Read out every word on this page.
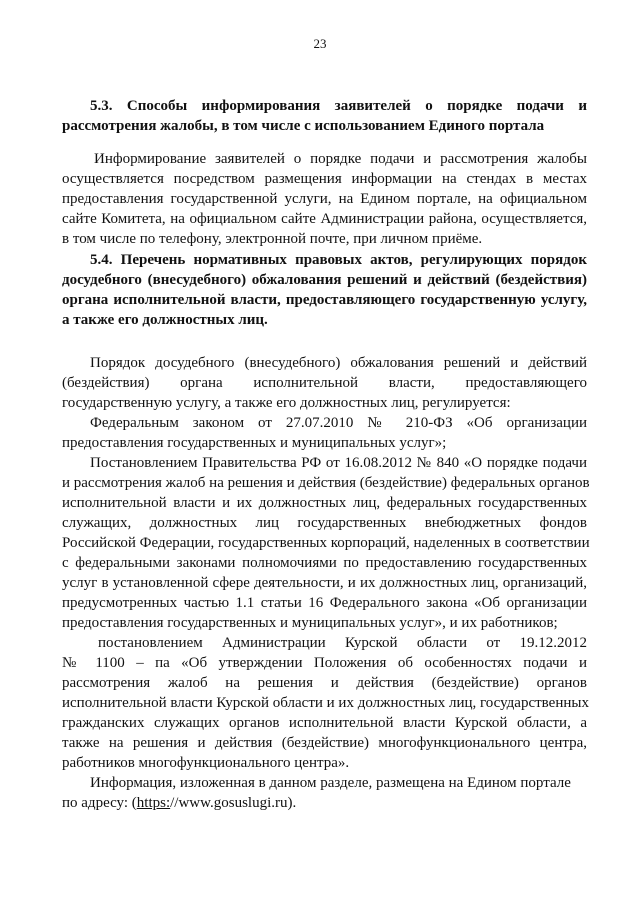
23
5.3. Способы информирования заявителей о порядке подачи и
рассмотрения жалобы, в том числе с использованием Единого портала
Информирование заявителей о порядке подачи и рассмотрения жалобы
осуществляется посредством размещения информации на стендах в местах
предоставления государственной услуги, на Едином портале, на официальном
сайте Комитета, на официальном сайте Администрации района, осуществляется,
в том числе по телефону, электронной почте, при личном приёме.
5.4. Перечень нормативных правовых актов, регулирующих порядок
досудебного (внесудебного) обжалования решений и действий (бездействия)
органа исполнительной власти, предоставляющего государственную услугу,
а также его должностных лиц.
Порядок досудебного (внесудебного) обжалования решений и действий
(бездействия) органа исполнительной власти, предоставляющего
государственную услугу, а также его должностных лиц, регулируется:
Федеральным законом от 27.07.2010 № 210-ФЗ «Об организации
предоставления государственных и муниципальных услуг»;
Постановлением Правительства РФ от 16.08.2012 № 840 «О порядке подачи
и рассмотрения жалоб на решения и действия (бездействие) федеральных органов
исполнительной власти и их должностных лиц, федеральных государственных
служащих, должностных лиц государственных внебюджетных фондов
Российской Федерации, государственных корпораций, наделенных в соответствии
с федеральными законами полномочиями по предоставлению государственных
услуг в установленной сфере деятельности, и их должностных лиц, организаций,
предусмотренных частью 1.1 статьи 16 Федерального закона «Об организации
предоставления государственных и муниципальных услуг», и их работников;
постановлением Администрации Курской области от 19.12.2012
№ 1100 – па «Об утверждении Положения об особенностях подачи и
рассмотрения жалоб на решения и действия (бездействие) органов
исполнительной власти Курской области и их должностных лиц, государственных
гражданских служащих органов исполнительной власти Курской области, а
также на решения и действия (бездействие) многофункционального центра,
работников многофункционального центра».
Информация, изложенная в данном разделе, размещена на Едином портале
по адресу: (https://www.gosuslugi.ru).
